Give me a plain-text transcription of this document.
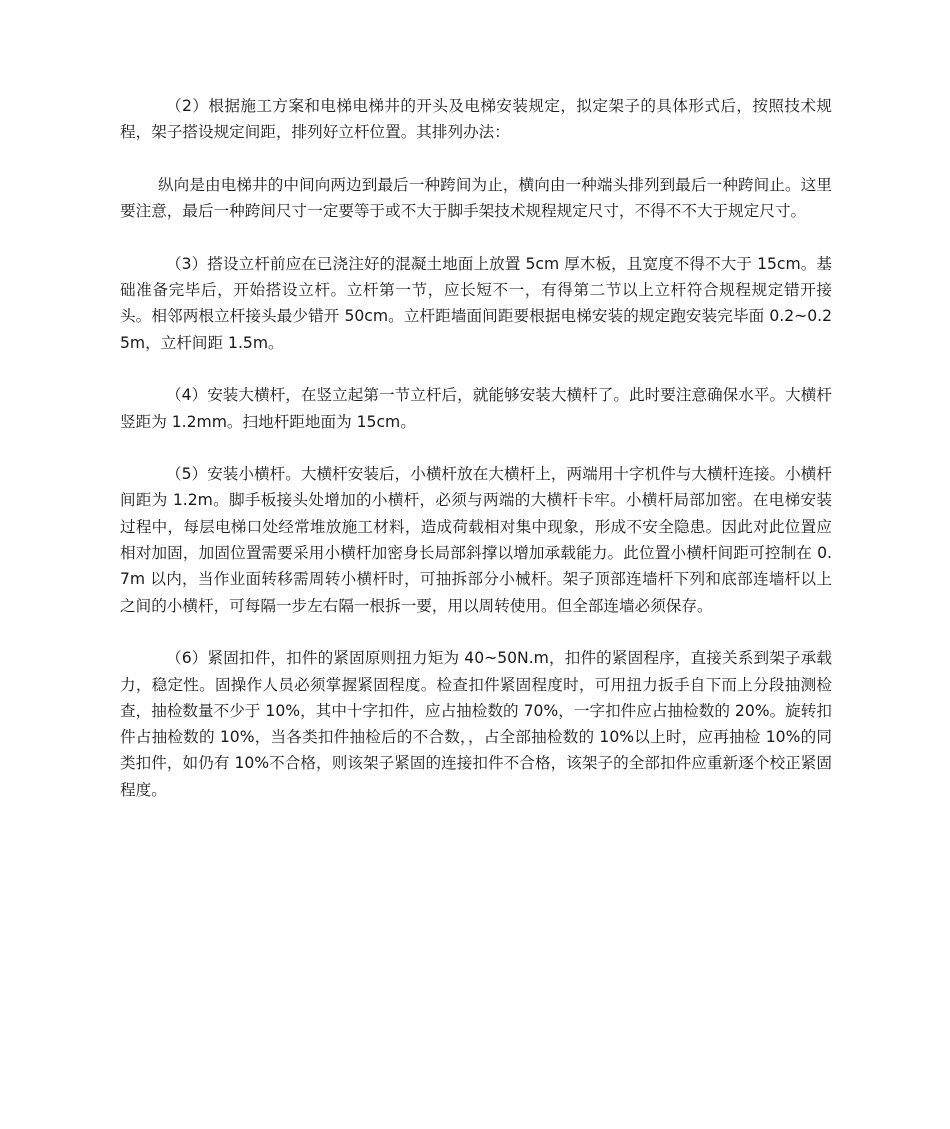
（2）根据施工方案和电梯电梯井的开头及电梯安装规定，拟定架子的具体形式后，按照技术规程，架子搭设规定间距，排列好立杆位置。其排列办法：

纵向是由电梯井的中间向两边到最后一种跨间为止，横向由一种端头排列到最后一种跨间止。这里要注意，最后一种跨间尺寸一定要等于或不大于脚手架技术规程规定尺寸，不得不不大于规定尺寸。

（3）搭设立杆前应在已浇注好的混凝土地面上放置 5cm 厚木板，且宽度不得不大于 15cm。基础准备完毕后，开始搭设立杆。立杆第一节，应长短不一，有得第二节以上立杆符合规程规定错开接头。相邻两根立杆接头最少错开 50cm。立杆距墙面间距要根据电梯安装的规定跑安装完毕面 0.2~0.25m，立杆间距 1.5m。

（4）安装大横杆，在竖立起第一节立杆后，就能够安装大横杆了。此时要注意确保水平。大横杆竖距为 1.2mm。扫地杆距地面为 15cm。

（5）安装小横杆。大横杆安装后，小横杆放在大横杆上，两端用十字机件与大横杆连接。小横杆间距为 1.2m。脚手板接头处增加的小横杆，必须与两端的大横杆卡牢。小横杆局部加密。在电梯安装过程中，每层电梯口处经常堆放施工材料，造成荷载相对集中现象，形成不安全隐患。因此对此位置应相对加固，加固位置需要采用小横杆加密身长局部斜撑以增加承载能力。此位置小横杆间距可控制在 0.7m 以内，当作业面转移需周转小横杆时，可抽拆部分小械杆。架子顶部连墙杆下列和底部连墙杆以上之间的小横杆，可每隔一步左右隔一根拆一要，用以周转使用。但全部连墙必须保存。

（6）紧固扣件，扣件的紧固原则扭力矩为 40~50N.m，扣件的紧固程序，直接关系到架子承载力，稳定性。固操作人员必须掌握紧固程度。检查扣件紧固程度时，可用扭力扳手自下而上分段抽测检查，抽检数量不少于 10%，其中十字扣件，应占抽检数的 70%，一字扣件应占抽检数的 20%。旋转扣件占抽检数的 10%，当各类扣件抽检后的不合数，，占全部抽检数的 10%以上时，应再抽检 10%的同类扣件，如仍有 10%不合格，则该架子紧固的连接扣件不合格，该架子的全部扣件应重新逐个校正紧固程度。
